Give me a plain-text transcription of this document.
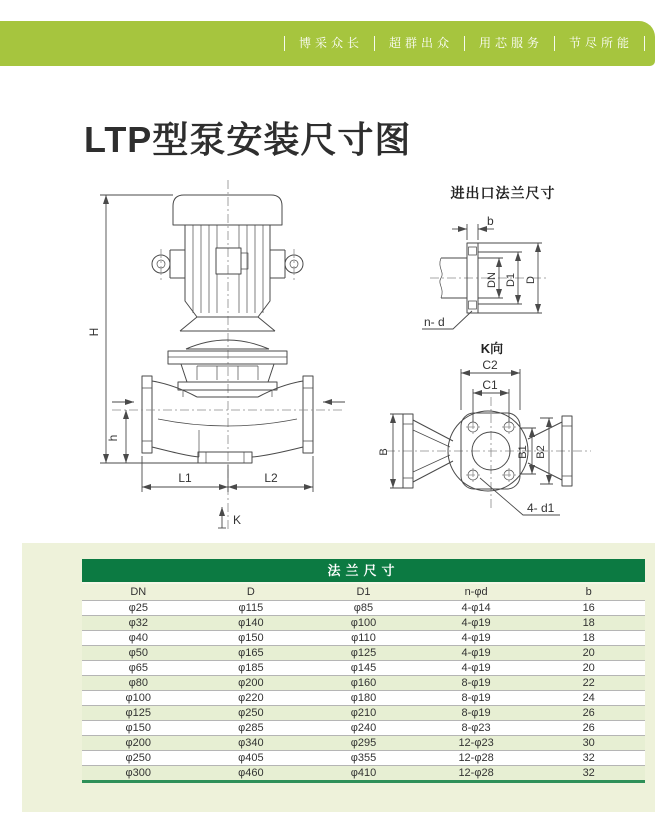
博采众长	超群出众	用芯服务	节尽所能
LTP型泵安装尺寸图
H
h
L1	L2
K
进出口法兰尺寸
DN D1 D
b
n- d
K向
B
C2
C1
B1 B2
4- d1
法兰尺寸
DN	D	D1	n-φd	b
φ25	φ115	φ85	4-φ14	16
φ32	φ140	φ100	4-φ19	18
φ40	φ150	φ110	4-φ19	18
φ50	φ165	φ125	4-φ19	20
φ65	φ185	φ145	4-φ19	20
φ80	φ200	φ160	8-φ19	22
φ100	φ220	φ180	8-φ19	24
φ125	φ250	φ210	8-φ19	26
φ150	φ285	φ240	8-φ23	26
φ200	φ340	φ295	12-φ23	30
φ250	φ405	φ355	12-φ28	32
φ300	φ460	φ410	12-φ28	32
